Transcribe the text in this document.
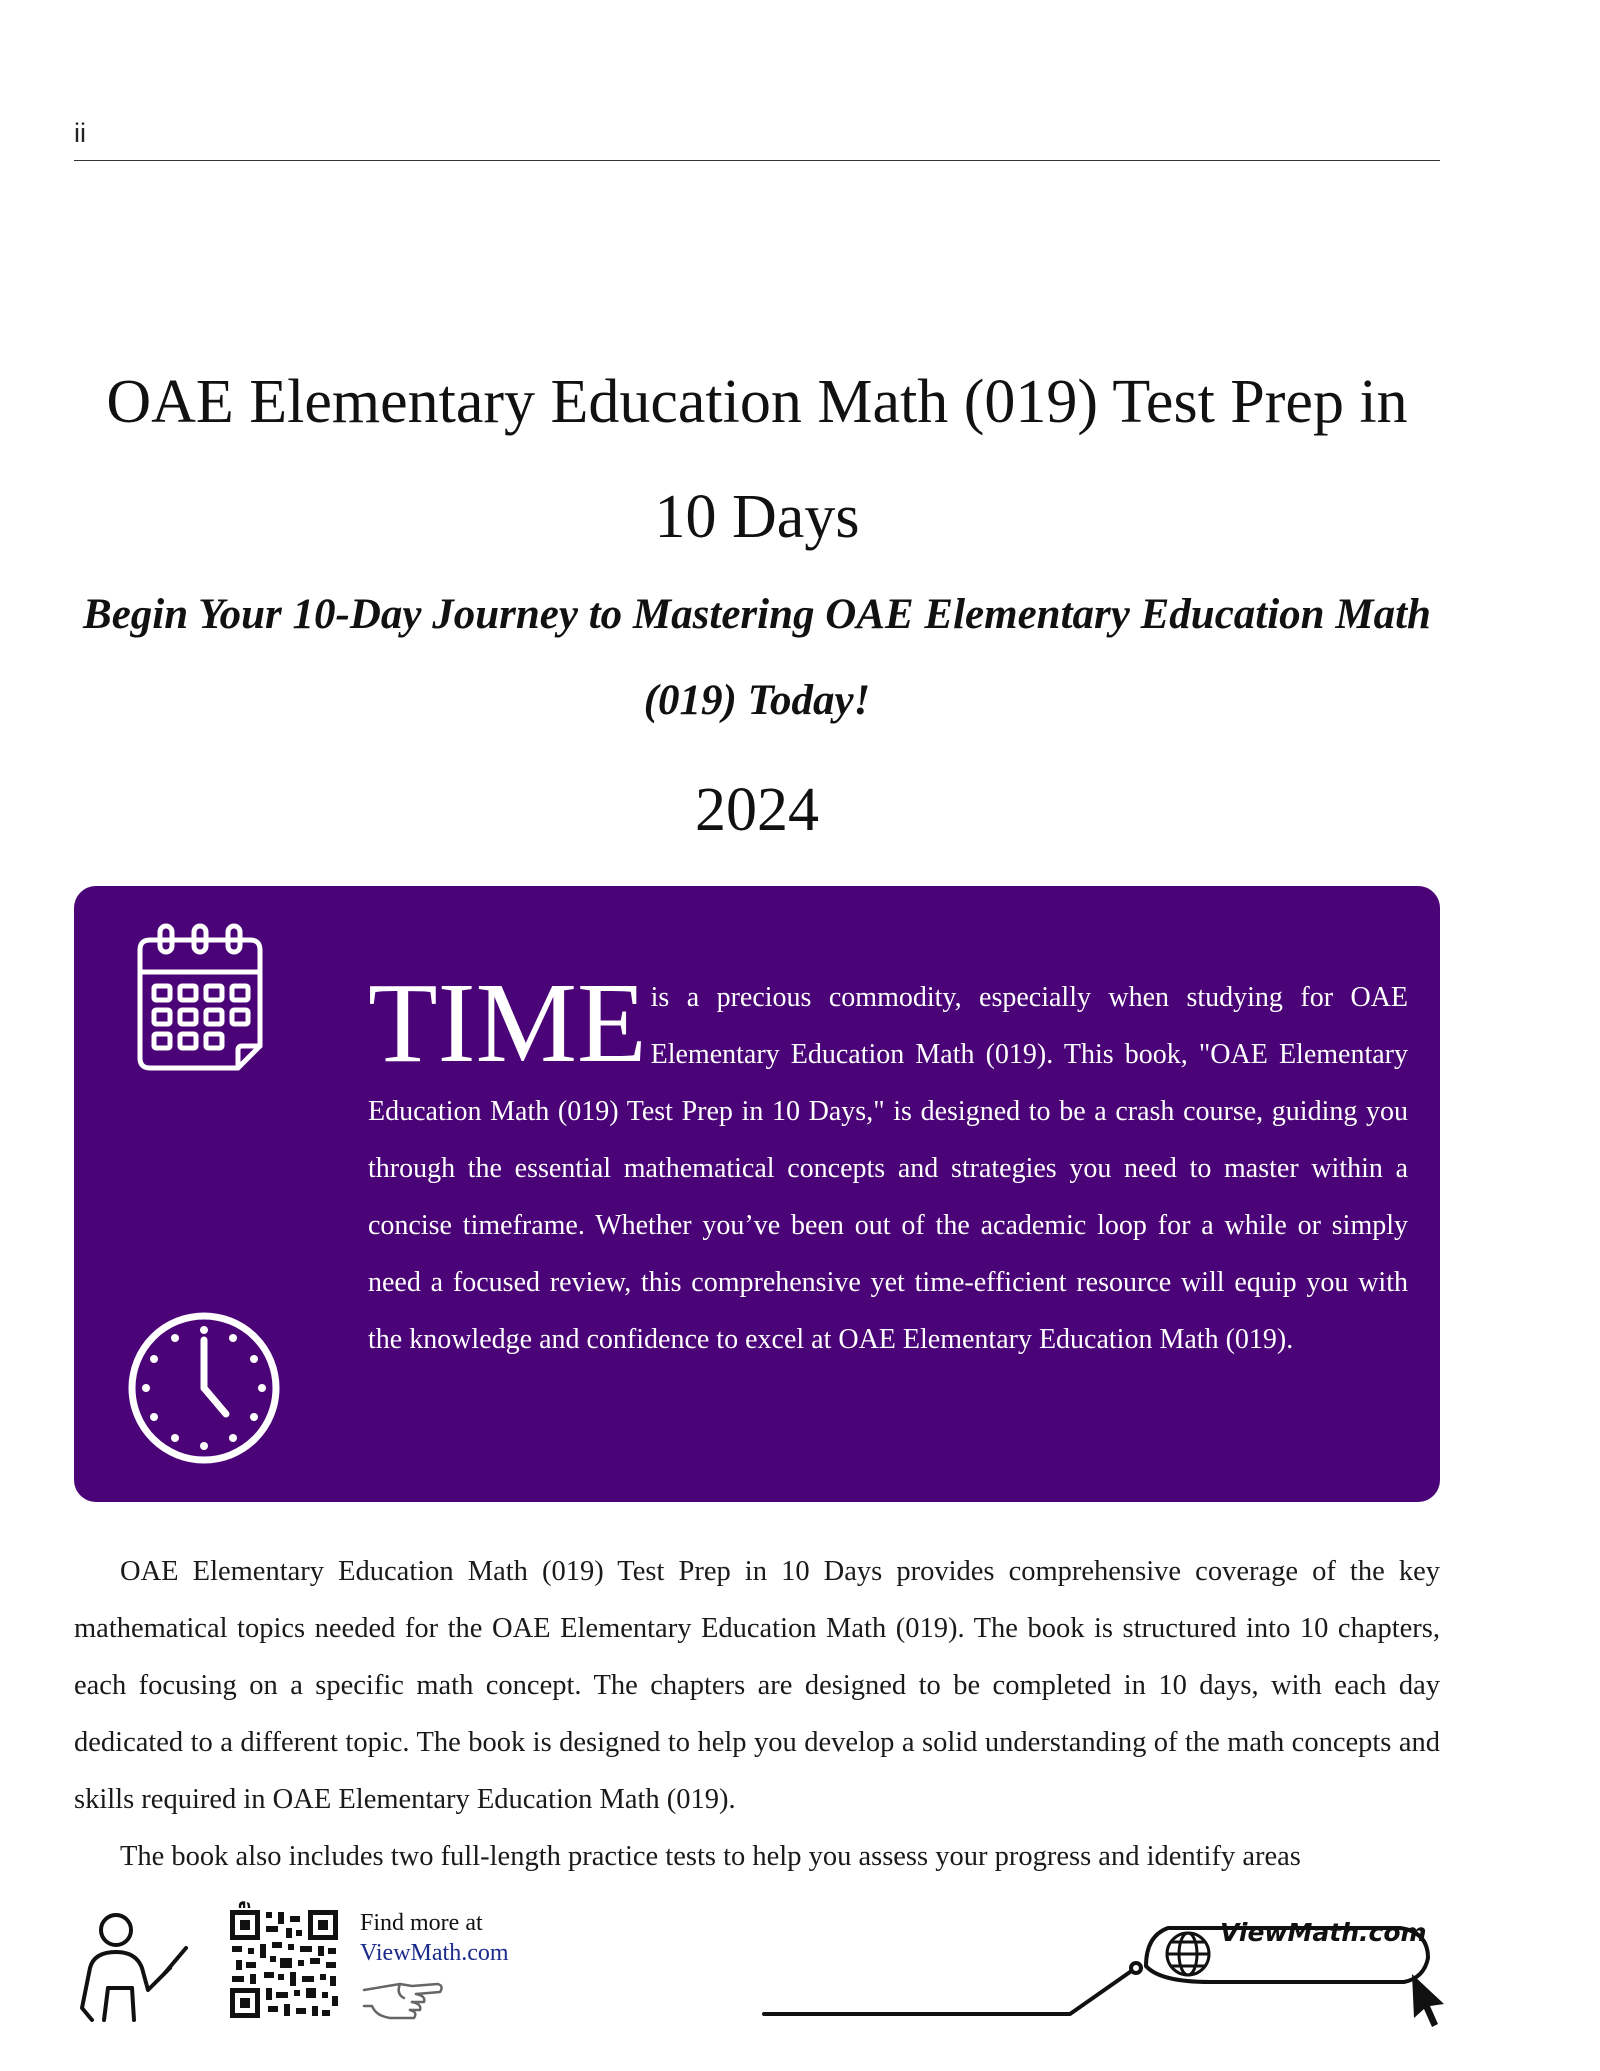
ii
OAE Elementary Education Math (019) Test Prep in 10 Days
Begin Your 10-Day Journey to Mastering OAE Elementary Education Math (019) Today!
2024
TIME is a precious commodity, especially when studying for OAE Elementary Education Math (019). This book, "OAE Elementary Education Math (019) Test Prep in 10 Days," is designed to be a crash course, guiding you through the essential mathematical concepts and strategies you need to master within a concise timeframe. Whether you’ve been out of the academic loop for a while or simply need a focused review, this comprehensive yet time-efficient resource will equip you with the knowledge and confidence to excel at OAE Elementary Education Math (019).

OAE Elementary Education Math (019) Test Prep in 10 Days provides comprehensive coverage of the key mathematical topics needed for the OAE Elementary Education Math (019). The book is structured into 10 chapters, each focusing on a specific math concept. The chapters are designed to be completed in 10 days, with each day dedicated to a different topic. The book is designed to help you develop a solid understanding of the math concepts and skills required in OAE Elementary Education Math (019).

The book also includes two full-length practice tests to help you assess your progress and identify areas

Find more at
ViewMath.com
ViewMath.com
